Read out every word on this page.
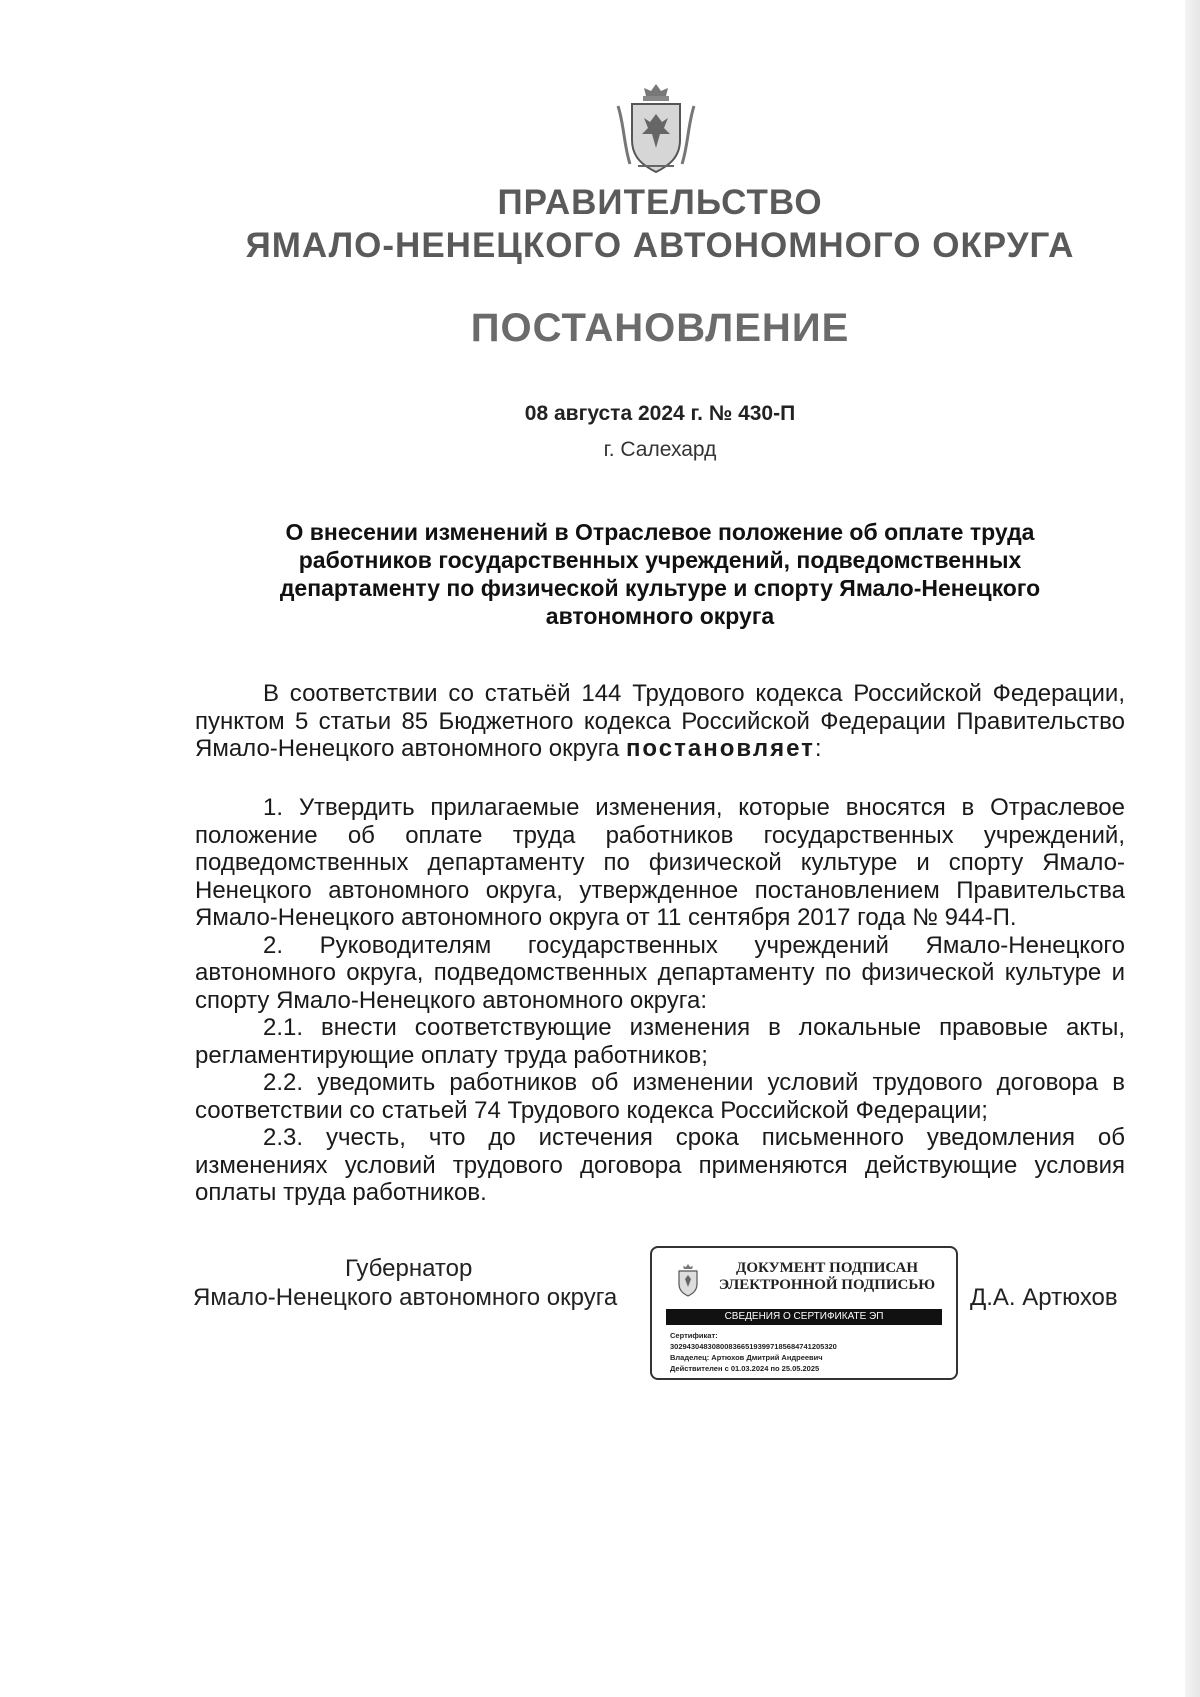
ПРАВИТЕЛЬСТВО
ЯМАЛО-НЕНЕЦКОГО АВТОНОМНОГО ОКРУГА
ПОСТАНОВЛЕНИЕ
08 августа 2024 г. № 430-П
г. Салехард
О внесении изменений в Отраслевое положение об оплате труда работников государственных учреждений, подведомственных департаменту по физической культуре и спорту Ямало-Ненецкого автономного округа

В соответствии со статьёй 144 Трудового кодекса Российской Федерации, пунктом 5 статьи 85 Бюджетного кодекса Российской Федерации Правительство Ямало-Ненецкого автономного округа постановляет:

1. Утвердить прилагаемые изменения, которые вносятся в Отраслевое положение об оплате труда работников государственных учреждений, подведомственных департаменту по физической культуре и спорту Ямало-Ненецкого автономного округа, утвержденное постановлением Правительства Ямало-Ненецкого автономного округа от 11 сентября 2017 года № 944-П.

2. Руководителям государственных учреждений Ямало-Ненецкого автономного округа, подведомственных департаменту по физической культуре и спорту Ямало-Ненецкого автономного округа:

2.1. внести соответствующие изменения в локальные правовые акты, регламентирующие оплату труда работников;

2.2. уведомить работников об изменении условий трудового договора в соответствии со статьей 74 Трудового кодекса Российской Федерации;

2.3. учесть, что до истечения срока письменного уведомления об изменениях условий трудового договора применяются действующие условия оплаты труда работников.

Губернатор
Ямало-Ненецкого автономного округа
ДОКУМЕНТ ПОДПИСАН
ЭЛЕКТРОННОЙ ПОДПИСЬЮ
СВЕДЕНИЯ О СЕРТИФИКАТЕ ЭП
Сертификат:
3029430483080083665193997185684741205320
Владелец: Артюхов Дмитрий Андреевич
Действителен с 01.03.2024 по 25.05.2025
Д.А. Артюхов
